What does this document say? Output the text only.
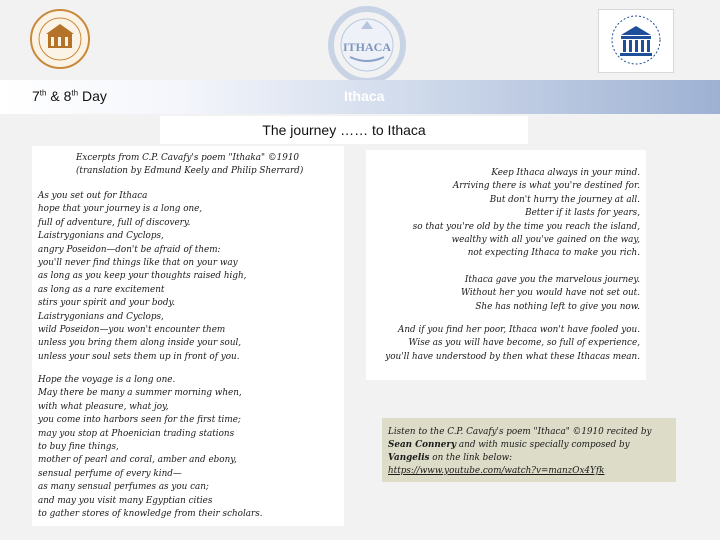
ITHACA
7th & 8th Day	Ithaca
The journey …… to Ithaca
Excerpts from C.P. Cavafy's poem "Ithaka" ©1910
(translation by Edmund Keely and Philip Sherrard)
As you set out for Ithaca
hope that your journey is a long one,
full of adventure, full of discovery.
Laistrygonians and Cyclops,
angry Poseidon—don't be afraid of them:
you'll never find things like that on your way
as long as you keep your thoughts raised high,
as long as a rare excitement
stirs your spirit and your body.
Laistrygonians and Cyclops,
wild Poseidon—you won't encounter them
unless you bring them along inside your soul,
unless your soul sets them up in front of you.
Hope the voyage is a long one.
May there be many a summer morning when,
with what pleasure, what joy,
you come into harbors seen for the first time;
may you stop at Phoenician trading stations
to buy fine things,
mother of pearl and coral, amber and ebony,
sensual perfume of every kind—
as many sensual perfumes as you can;
and may you visit many Egyptian cities
to gather stores of knowledge from their scholars.
Keep Ithaca always in your mind.
Arriving there is what you're destined for.
But don't hurry the journey at all.
Better if it lasts for years,
so that you're old by the time you reach the island,
wealthy with all you've gained on the way,
not expecting Ithaca to make you rich.
Ithaca gave you the marvelous journey.
Without her you would have not set out.
She has nothing left to give you now.
And if you find her poor, Ithaca won't have fooled you.
Wise as you will have become, so full of experience,
you'll have understood by then what these Ithacas mean.
Listen to the C.P. Cavafy's poem "Ithaca" ©1910 recited by Sean Connery and with music specially composed by Vangelis on the link below:
https://www.youtube.com/watch?v=manzOx4Yfk
